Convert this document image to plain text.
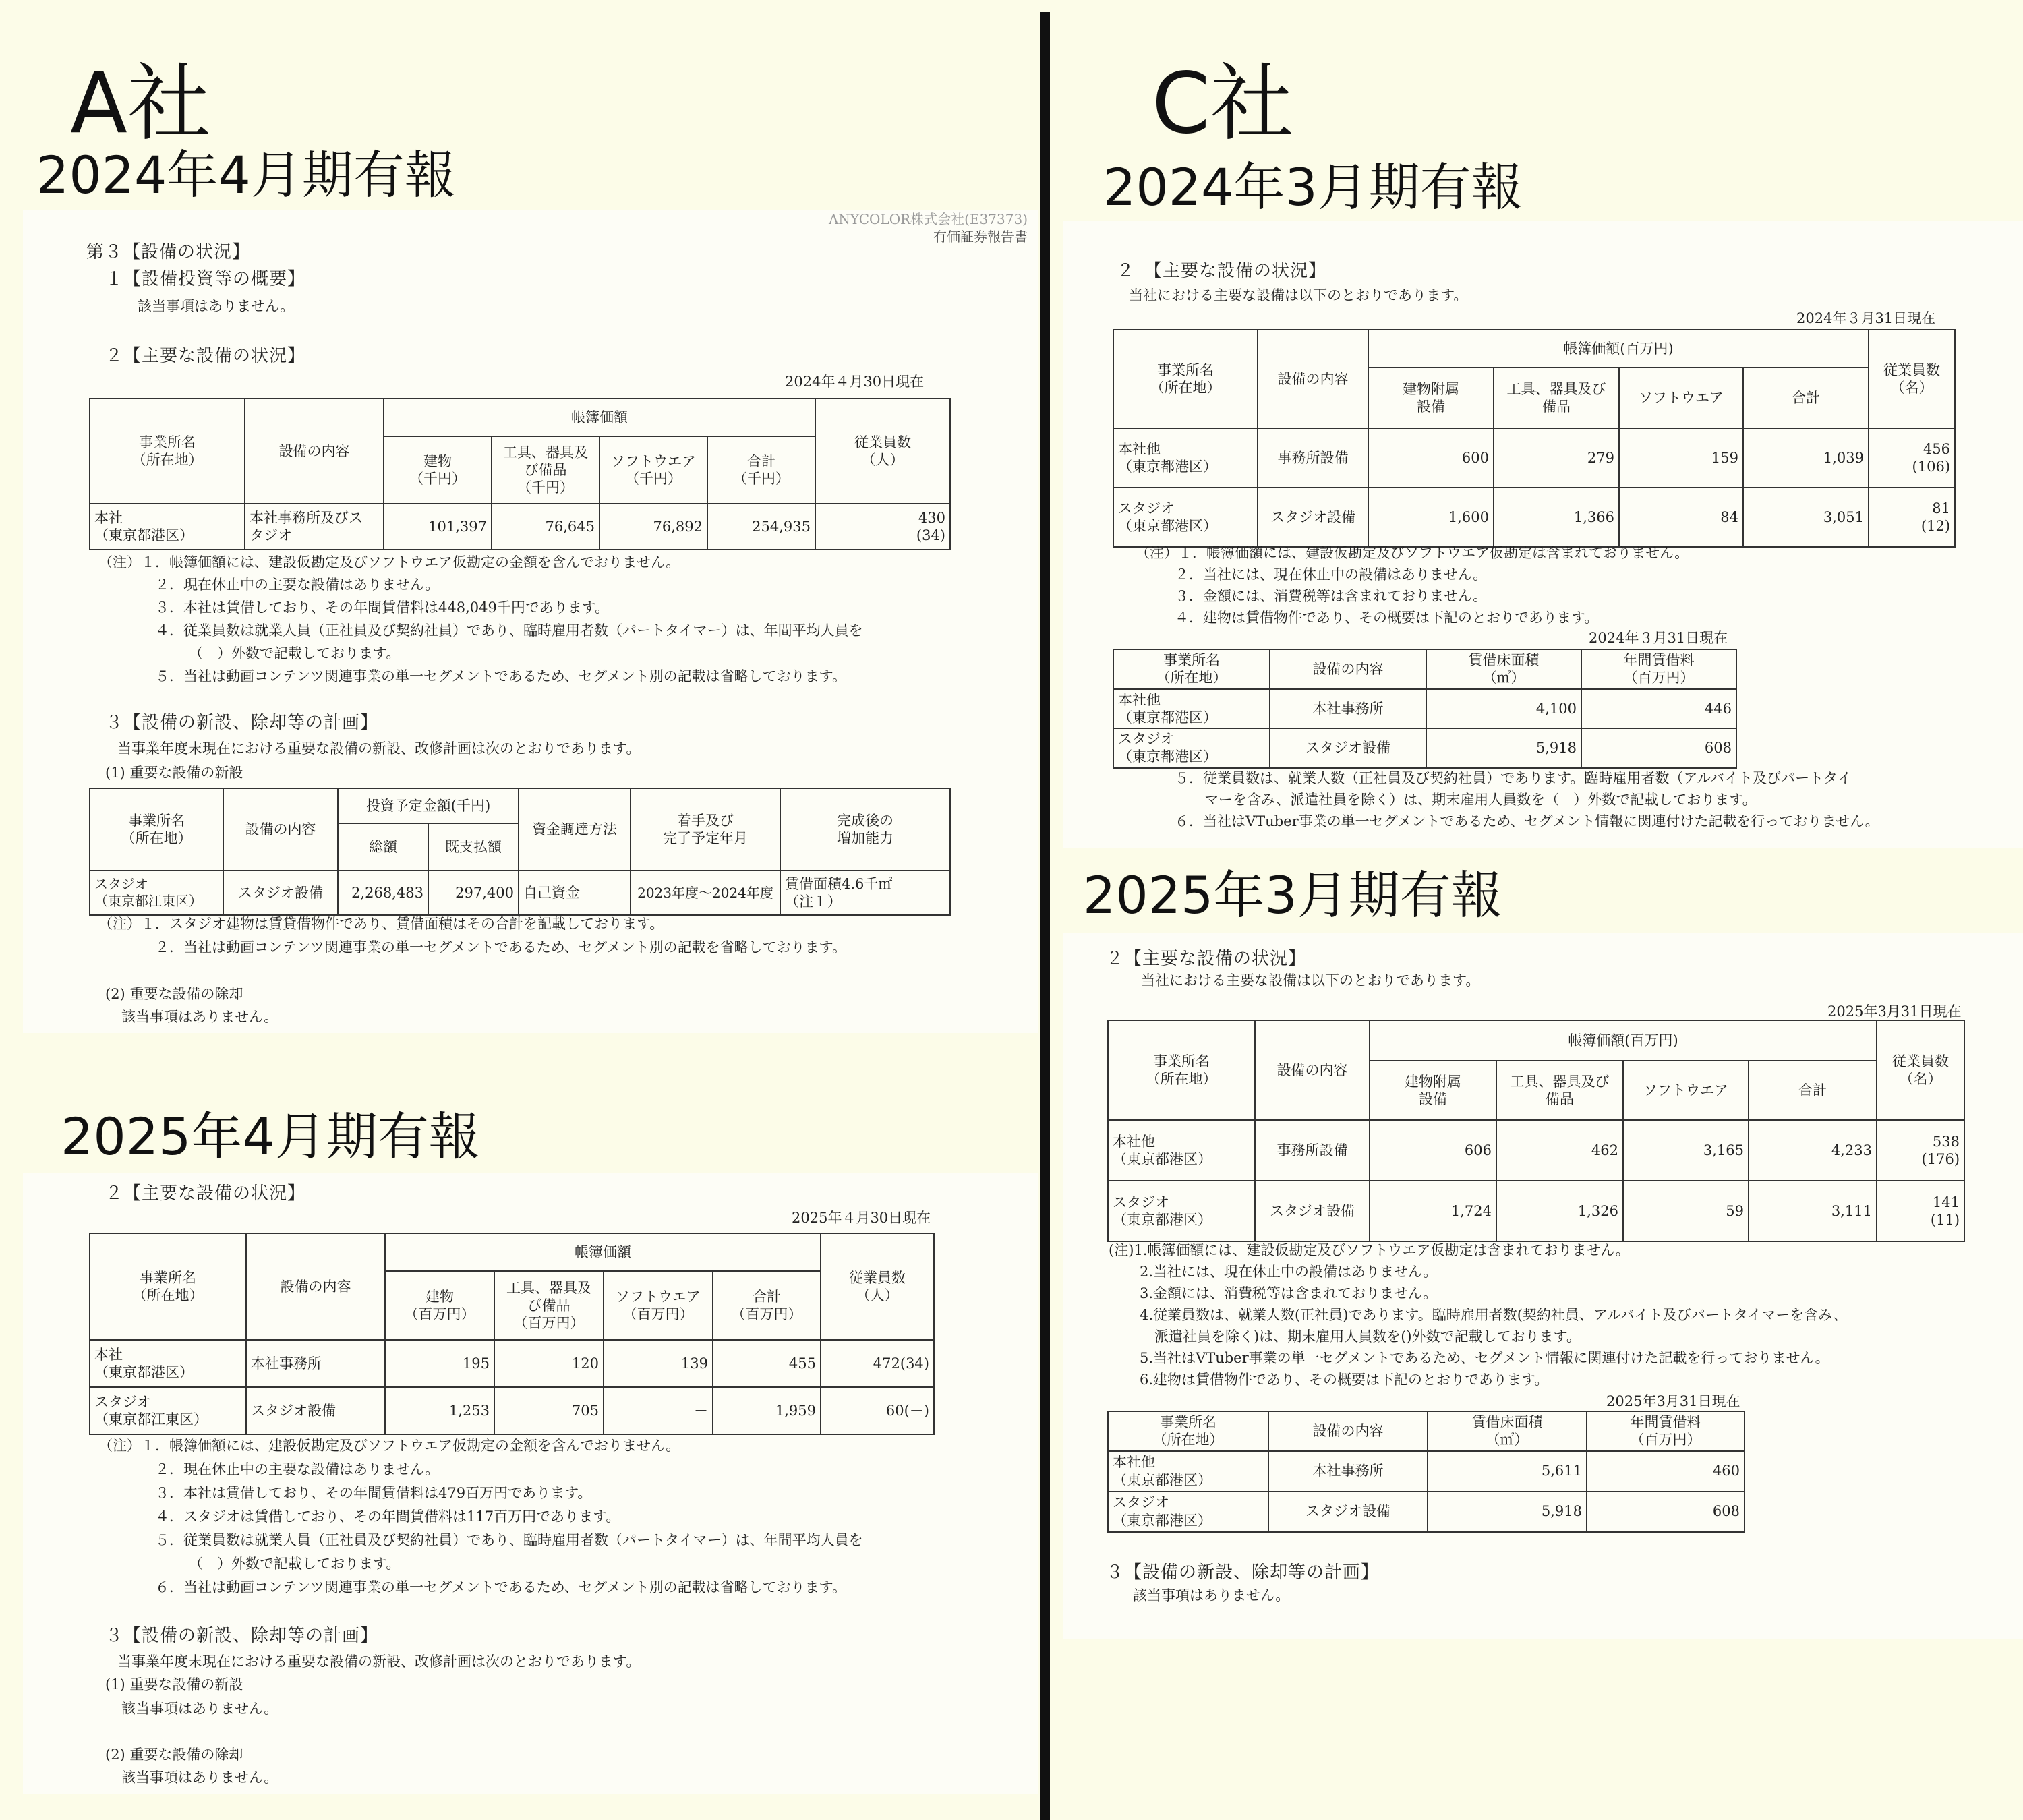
A社	C社
2024年4月期有報
2025年4月期有報
2024年3月期有報
2025年3月期有報
ANYCOLOR株式会社(E37373)
有価証券報告書
第３【設備の状況】
１【設備投資等の概要】
該当事項はありません。
２【主要な設備の状況】
2024年４月30日現在
事業所名
（所在地）	設備の内容	帳簿価額				従業員数
（人）
		建物
（千円）	工具、器具及
び備品
（千円）	ソフトウエア
（千円）	合計
（千円）	
本社
（東京都港区）	本社事務所及びス
タジオ	101,397	76,645	76,892	254,935	430
(34)
（注）１．帳簿価額には、建設仮勘定及びソフトウエア仮勘定の金額を含んでおりません。
２．現在休止中の主要な設備はありません。
３．本社は賃借しており、その年間賃借料は448,049千円であります。
４．従業員数は就業人員（正社員及び契約社員）であり、臨時雇用者数（パートタイマー）は、年間平均人員を
（　）外数で記載しております。
５．当社は動画コンテンツ関連事業の単一セグメントであるため、セグメント別の記載は省略しております。
３【設備の新設、除却等の計画】
当事業年度末現在における重要な設備の新設、改修計画は次のとおりであります。
(1) 重要な設備の新設
事業所名
（所在地）	設備の内容	投資予定金額(千円)		資金調達方法	着手及び
完了予定年月	完成後の
増加能力
		総額	既支払額			
スタジオ
（東京都江東区）	スタジオ設備	2,268,483	297,400	自己資金	2023年度～2024年度	賃借面積4.6千㎡
（注１）
（注）１．スタジオ建物は賃貸借物件であり、賃借面積はその合計を記載しております。
２．当社は動画コンテンツ関連事業の単一セグメントであるため、セグメント別の記載を省略しております。
(2) 重要な設備の除却
該当事項はありません。
２【主要な設備の状況】
2025年４月30日現在
事業所名
（所在地）	設備の内容	帳簿価額				従業員数
（人）
		建物
（百万円）	工具、器具及
び備品
（百万円）	ソフトウエア
（百万円）	合計
（百万円）	
本社
（東京都港区）	本社事務所	195	120	139	455	472(34)
スタジオ
（東京都江東区）	スタジオ設備	1,253	705	－	1,959	60(－)
（注）１．帳簿価額には、建設仮勘定及びソフトウエア仮勘定の金額を含んでおりません。
２．現在休止中の主要な設備はありません。
３．本社は賃借しており、その年間賃借料は479百万円であります。
４．スタジオは賃借しており、その年間賃借料は117百万円であります。
５．従業員数は就業人員（正社員及び契約社員）であり、臨時雇用者数（パートタイマー）は、年間平均人員を
（　）外数で記載しております。
６．当社は動画コンテンツ関連事業の単一セグメントであるため、セグメント別の記載は省略しております。
３【設備の新設、除却等の計画】
当事業年度末現在における重要な設備の新設、改修計画は次のとおりであります。
(1) 重要な設備の新設
該当事項はありません。
(2) 重要な設備の除却
該当事項はありません。
２　【主要な設備の状況】
当社における主要な設備は以下のとおりであります。
2024年３月31日現在
事業所名
（所在地）	設備の内容	帳簿価額(百万円)				従業員数
（名）
		建物附属
設備	工具、器具及び
備品	ソフトウエア	合計	
本社他
（東京都港区）	事務所設備	600	279	159	1,039	456
(106)
スタジオ
（東京都港区）	スタジオ設備	1,600	1,366	84	3,051	81
(12)
（注）１．帳簿価額には、建設仮勘定及びソフトウエア仮勘定は含まれておりません。
２．当社には、現在休止中の設備はありません。
３．金額には、消費税等は含まれておりません。
４．建物は賃借物件であり、その概要は下記のとおりであります。
2024年３月31日現在
事業所名
（所在地）	設備の内容	賃借床面積
（㎡）	年間賃借料
（百万円）
本社他
（東京都港区）	本社事務所	4,100	446
スタジオ
（東京都港区）	スタジオ設備	5,918	608
５．従業員数は、就業人数（正社員及び契約社員）であります。臨時雇用者数（アルバイト及びパートタイ
マーを含み、派遣社員を除く）は、期末雇用人員数を（　）外数で記載しております。
６．当社はVTuber事業の単一セグメントであるため、セグメント情報に関連付けた記載を行っておりません。
２【主要な設備の状況】
当社における主要な設備は以下のとおりであります。
2025年3月31日現在
事業所名
（所在地）	設備の内容	帳簿価額(百万円)				従業員数
（名）
		建物附属
設備	工具、器具及び
備品	ソフトウエア	合計	
本社他
（東京都港区）	事務所設備	606	462	3,165	4,233	538
(176)
スタジオ
（東京都港区）	スタジオ設備	1,724	1,326	59	3,111	141
(11)
(注)1.帳簿価額には、建設仮勘定及びソフトウエア仮勘定は含まれておりません。
2.当社には、現在休止中の設備はありません。
3.金額には、消費税等は含まれておりません。
4.従業員数は、就業人数(正社員)であります。臨時雇用者数(契約社員、アルバイト及びパートタイマーを含み、
派遣社員を除く)は、期末雇用人員数を()外数で記載しております。
5.当社はVTuber事業の単一セグメントであるため、セグメント情報に関連付けた記載を行っておりません。
6.建物は賃借物件であり、その概要は下記のとおりであります。
2025年3月31日現在
事業所名
（所在地）	設備の内容	賃借床面積
（㎡）	年間賃借料
（百万円）
本社他
（東京都港区）	本社事務所	5,611	460
スタジオ
（東京都港区）	スタジオ設備	5,918	608
３【設備の新設、除却等の計画】
該当事項はありません。
